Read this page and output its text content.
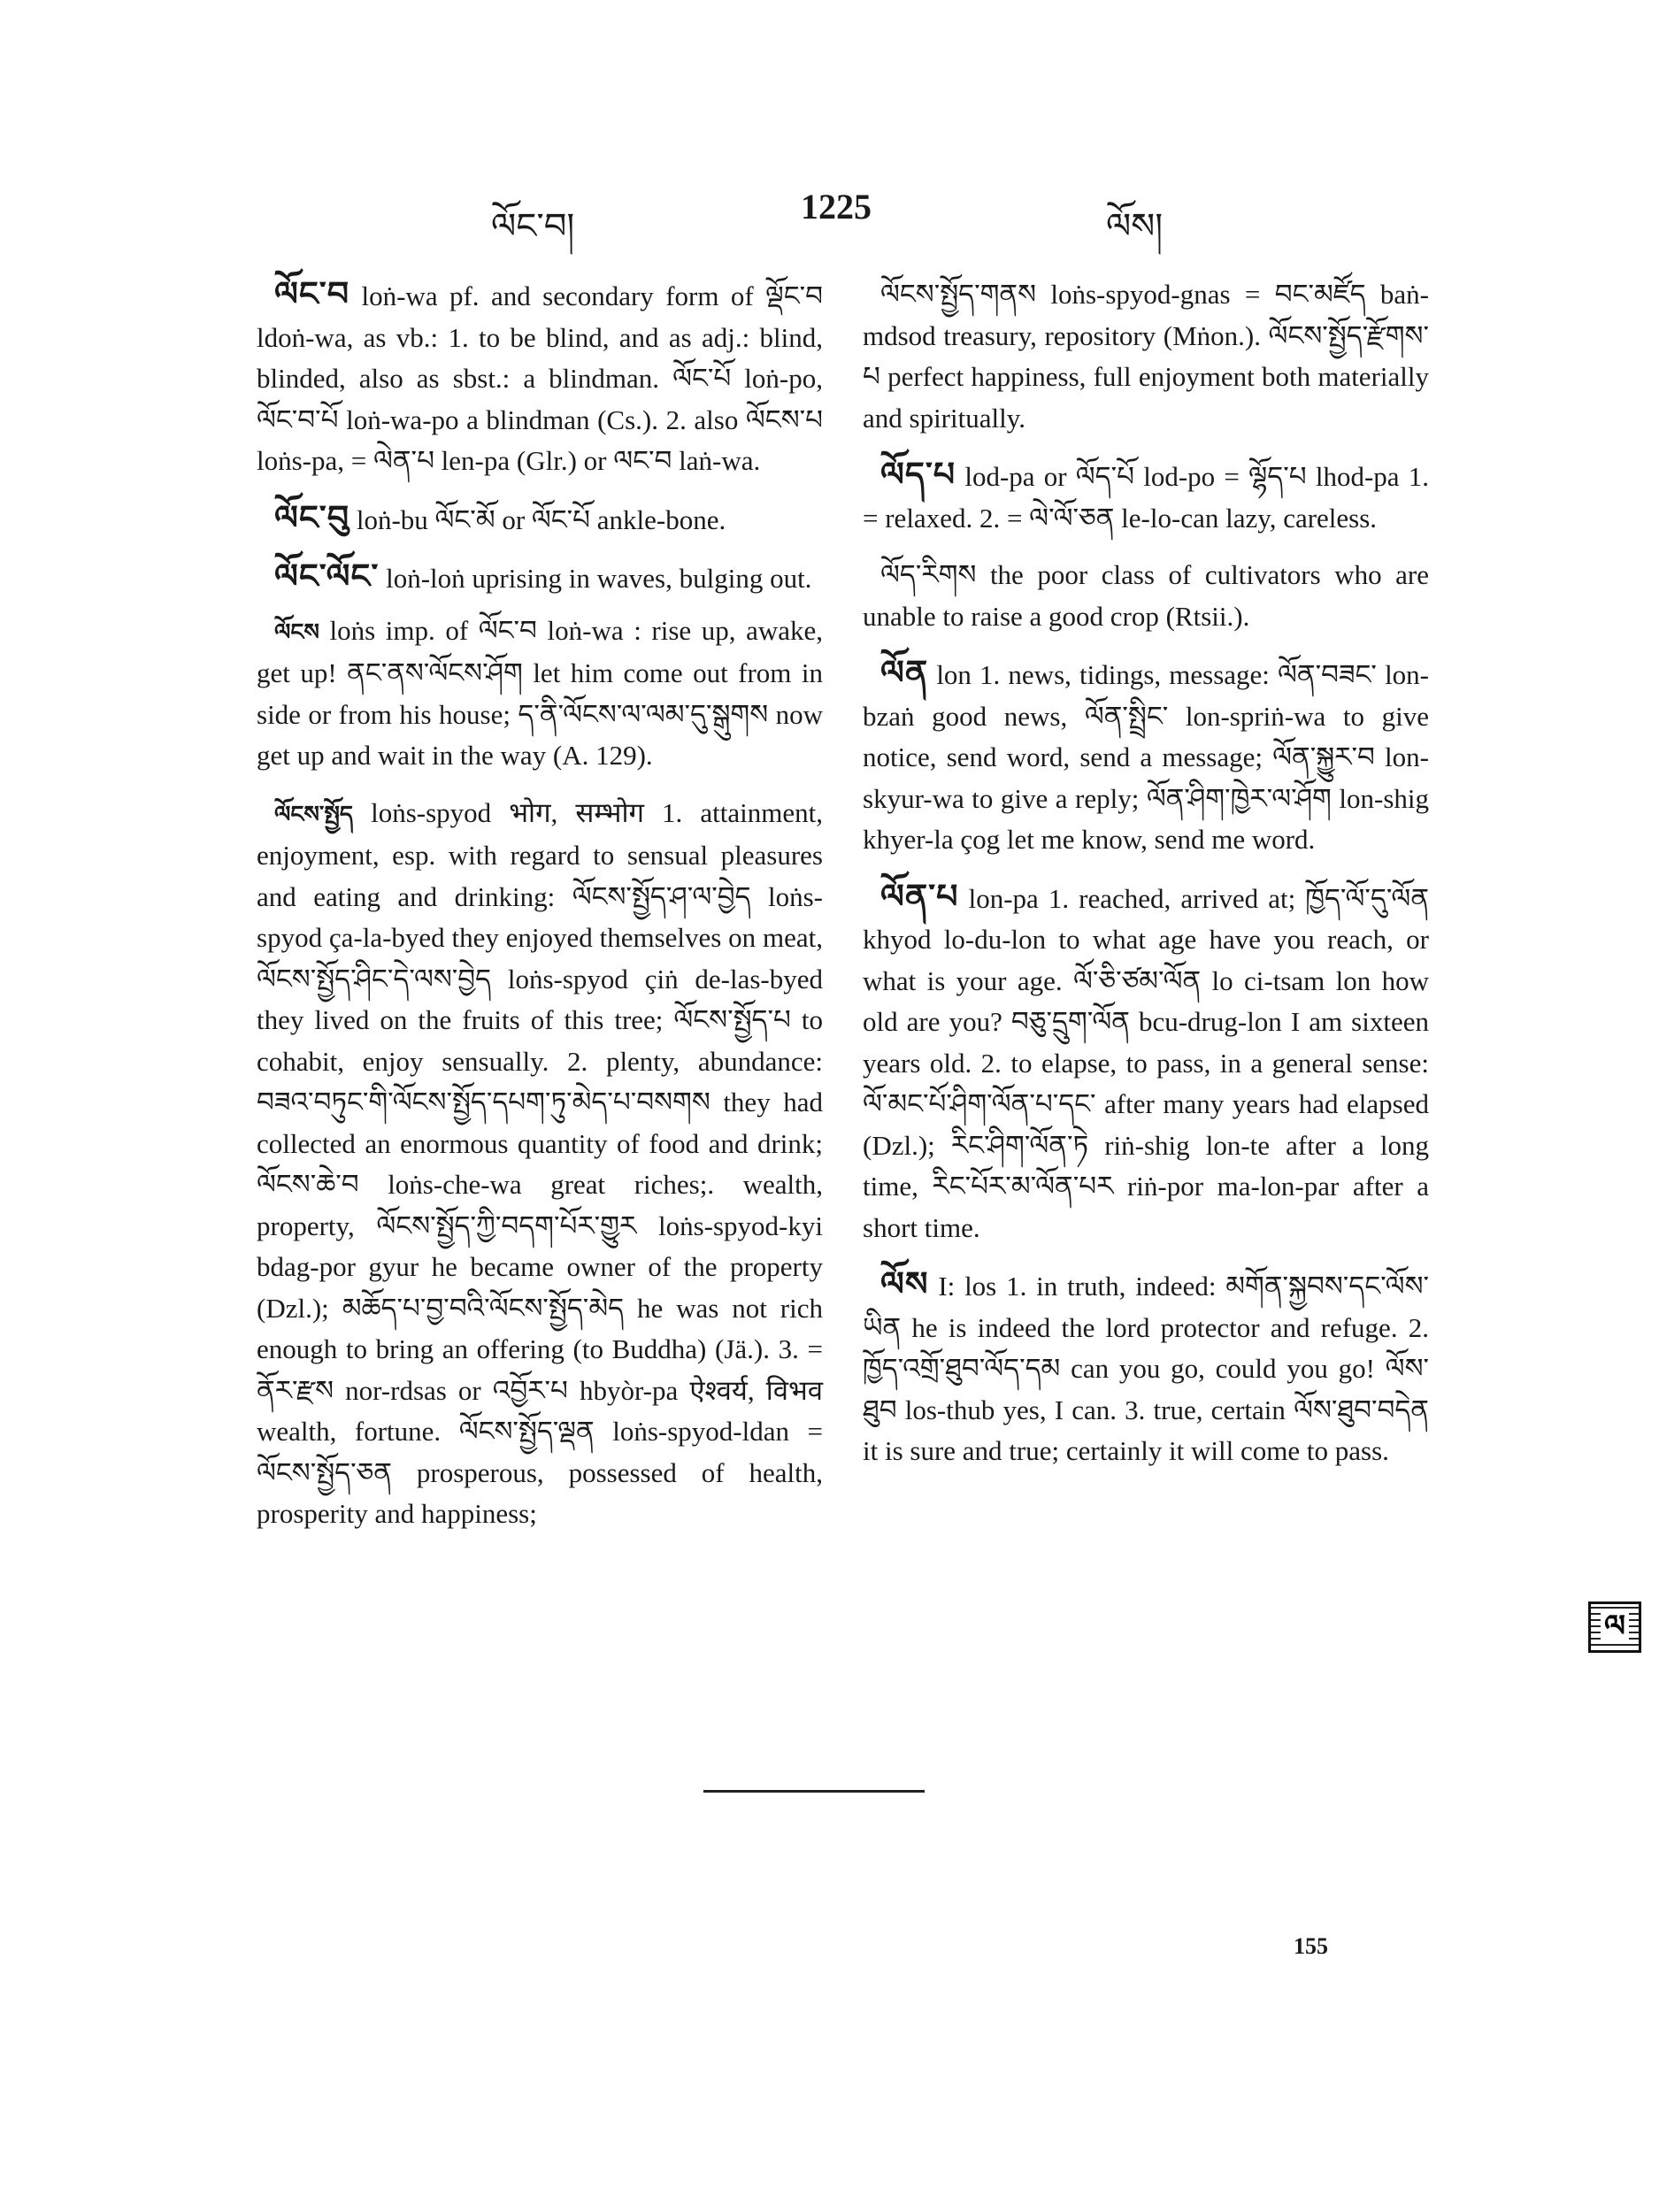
ལོང་བ།	1225	ལོས།

ལོང་བ loṅ-wa pf. and secondary form of ལྡོང་བ ldoṅ-wa, as vb.: 1. to be blind, and as adj.: blind, blinded, also as sbst.: a blindman. ལོང་པོ loṅ-po, ལོང་བ་པོ loṅ-wa-po a blindman (Cs.). 2. also ལོངས་པ loṅs-pa, = ལེན་པ len-pa (Glr.) or ལང་བ laṅ-wa.

ལོང་བུ loṅ-bu ལོང་མོ or ལོང་པོ ankle-bone.

ལོང་ལོང་ loṅ-loṅ uprising in waves, bulging out.

ལོངས loṅs imp. of ལོང་བ loṅ-wa : rise up, awake, get up! ནང་ནས་ལོངས་ཤོག let him come out from in side or from his house; ད་ནི་ལོངས་ལ་ལམ་དུ་སྒུགས now get up and wait in the way (A. 129).

ལོངས་སྤྱོད loṅs-spyod भोग, सम्भोग 1. attainment, enjoyment, esp. with regard to sensual pleasures and eating and drinking: ལོངས་སྤྱོད་ཤ་ལ་བྱེད loṅs-spyod ça-la-byed they enjoyed themselves on meat, ལོངས་སྤྱོད་ཤིང་དེ་ལས་བྱེད loṅs-spyod çiṅ de-las-byed they lived on the fruits of this tree; ལོངས་སྤྱོད་པ to cohabit, enjoy sensually. 2. plenty, abundance: བཟའ་བཏུང་གི་ལོངས་སྤྱོད་དཔག་ཏུ་མེད་པ་བསགས they had collected an enormous quantity of food and drink; ལོངས་ཆེ་བ loṅs-che-wa great riches;. wealth, property, ལོངས་སྤྱོད་ཀྱི་བདག་པོར་གྱུར loṅs-spyod-kyi bdag-por gyur he became owner of the property (Dzl.); མཆོད་པ་བྱ་བའི་ལོངས་སྤྱོད་མེད he was not rich enough to bring an offering (to Buddha) (Jä.). 3. = ནོར་རྫས nor-rdsas or འབྱོར་པ hbyòr-pa ऐश्वर्य, विभव wealth, fortune. ལོངས་སྤྱོད་ལྡན loṅs-spyod-ldan = ལོངས་སྤྱོད་ཅན prosperous, possessed of health, prosperity and happiness;

ལོངས་སྤྱོད་གནས loṅs-spyod-gnas = བང་མཛོད baṅ-mdsod treasury, repository (Mṅon.). ལོངས་སྤྱོད་རྫོགས་པ perfect happiness, full enjoyment both materially and spiritually.

ལོད་པ lod-pa or ལོད་པོ lod-po = ལྷོད་པ lhod-pa 1. = relaxed. 2. = ལེ་ལོ་ཅན le-lo-can lazy, careless.

ལོད་རིགས the poor class of cultivators who are unable to raise a good crop (Rtsii.).

ལོན lon 1. news, tidings, message: ལོན་བཟང་ lon-bzaṅ good news, ལོན་སྤྲིང་ lon-spriṅ-wa to give notice, send word, send a message; ལོན་སྐྱུར་བ lon-skyur-wa to give a reply; ལོན་ཤིག་ཁྱེར་ལ་ཤོག lon-shig khyer-la çog let me know, send me word.

ལོན་པ lon-pa 1. reached, arrived at; ཁྱོད་ལོ་དུ་ལོན khyod lo-du-lon to what age have you reach, or what is your age. ལོ་ཅི་ཙམ་ལོན lo ci-tsam lon how old are you? བཅུ་དྲུག་ལོན bcu-drug-lon I am sixteen years old. 2. to elapse, to pass, in a general sense: ལོ་མང་པོ་ཤིག་ལོན་པ་དང་ after many years had elapsed (Dzl.); རིང་ཤིག་ལོན་ཏེ riṅ-shig lon-te after a long time, རིང་པོར་མ་ལོན་པར riṅ-por ma-lon-par after a short time.

ལོས I: los 1. in truth, indeed: མགོན་སྐྱབས་དང་ལོས་ཡིན he is indeed the lord protector and refuge. 2. ཁྱོད་འགྲོ་ཐུབ་ལོད་དམ can you go, could you go! ལོས་ཐུབ los-thub yes, I can. 3. true, certain ལོས་ཐུབ་བདེན it is sure and true; certainly it will come to pass.

ལ
155
